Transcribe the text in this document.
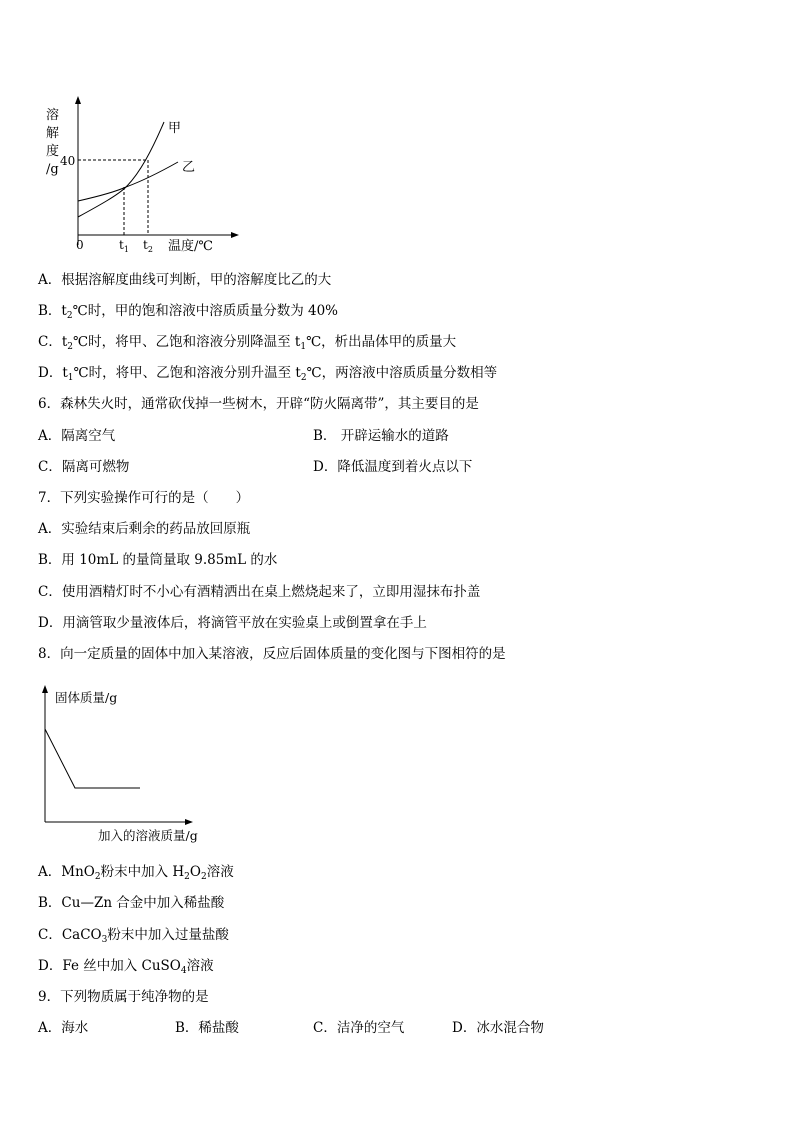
溶
解
度
/g
40
0	$t_1$ $t_2$ 温度/℃
甲
乙
A．根据溶解度曲线可判断，甲的溶解度比乙的大
B．$t_2℃$时，甲的饱和溶液中溶质质量分数为 40%
C．$t_2℃$时，将甲、乙饱和溶液分别降温至 $t_1℃$，析出晶体甲的质量大
D．$t_1℃$时，将甲、乙饱和溶液分别升温至 $t_2℃$，两溶液中溶质质量分数相等
6．森林失火时，通常砍伐掉一些树木，开辟“防火隔离带”，其主要目的是
A．隔离空气	B． 开辟运输水的道路
C．隔离可燃物	D．降低温度到着火点以下
7．下列实验操作可行的是（　　）
A．实验结束后剩余的药品放回原瓶
B．用 10mL 的量筒量取 9.85mL 的水
C．使用酒精灯时不小心有酒精洒出在桌上燃烧起来了，立即用湿抹布扑盖
D．用滴管取少量液体后，将滴管平放在实验桌上或倒置拿在手上
8．向一定质量的固体中加入某溶液，反应后固体质量的变化图与下图相符的是
固体质量/g
加入的溶液质量/g
A．MnO$_2$粉末中加入 $H_2O_2$溶液
B．Cu—Zn 合金中加入稀盐酸
C．CaCO$_3$粉末中加入过量盐酸
D．Fe 丝中加入 CuSO$_4$溶液
9．下列物质属于纯净物的是
A．海水	B．稀盐酸	C．洁净的空气	D．冰水混合物
